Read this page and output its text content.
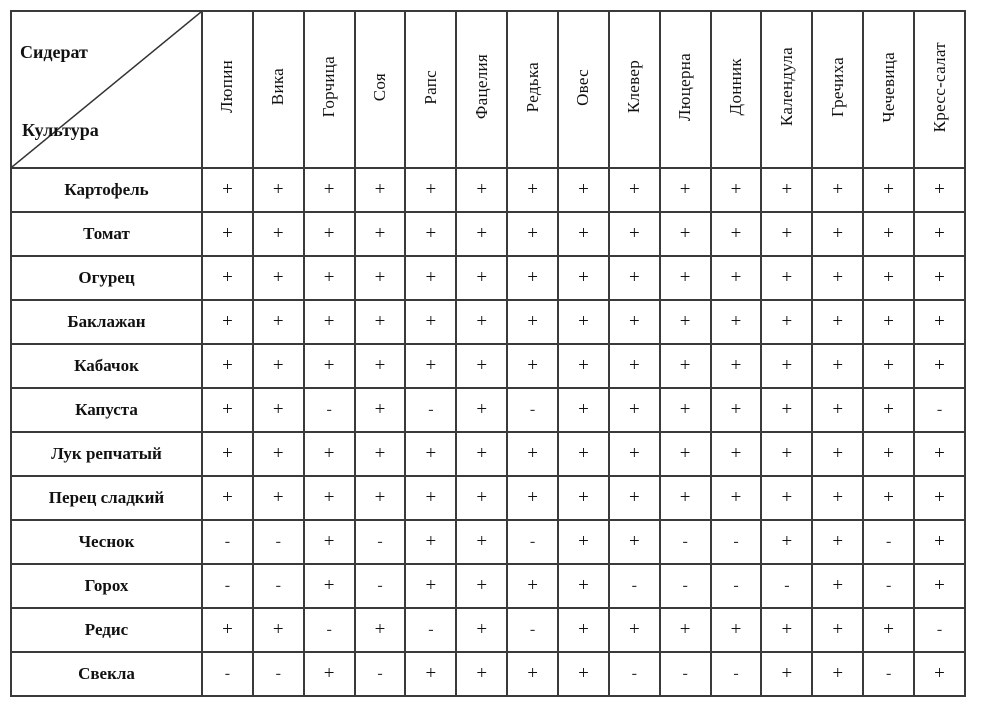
Сидерат
Культура	Люпин	Вика	Горчица	Соя	Рапс	Фацелия	Редька	Овес	Клевер	Люцерна	Донник	Календула	Гречиха	Чечевица	Кресс-салат
Картофель	+	+	+	+	+	+	+	+	+	+	+	+	+	+	+
Томат	+	+	+	+	+	+	+	+	+	+	+	+	+	+	+
Огурец	+	+	+	+	+	+	+	+	+	+	+	+	+	+	+
Баклажан	+	+	+	+	+	+	+	+	+	+	+	+	+	+	+
Кабачок	+	+	+	+	+	+	+	+	+	+	+	+	+	+	+
Капуста	+	+	-	+	-	+	-	+	+	+	+	+	+	+	-
Лук репчатый	+	+	+	+	+	+	+	+	+	+	+	+	+	+	+
Перец сладкий	+	+	+	+	+	+	+	+	+	+	+	+	+	+	+
Чеснок	-	-	+	-	+	+	-	+	+	-	-	+	+	-	+
Горох	-	-	+	-	+	+	+	+	-	-	-	-	+	-	+
Редис	+	+	-	+	-	+	-	+	+	+	+	+	+	+	-
Свекла	-	-	+	-	+	+	+	+	-	-	-	+	+	-	+
